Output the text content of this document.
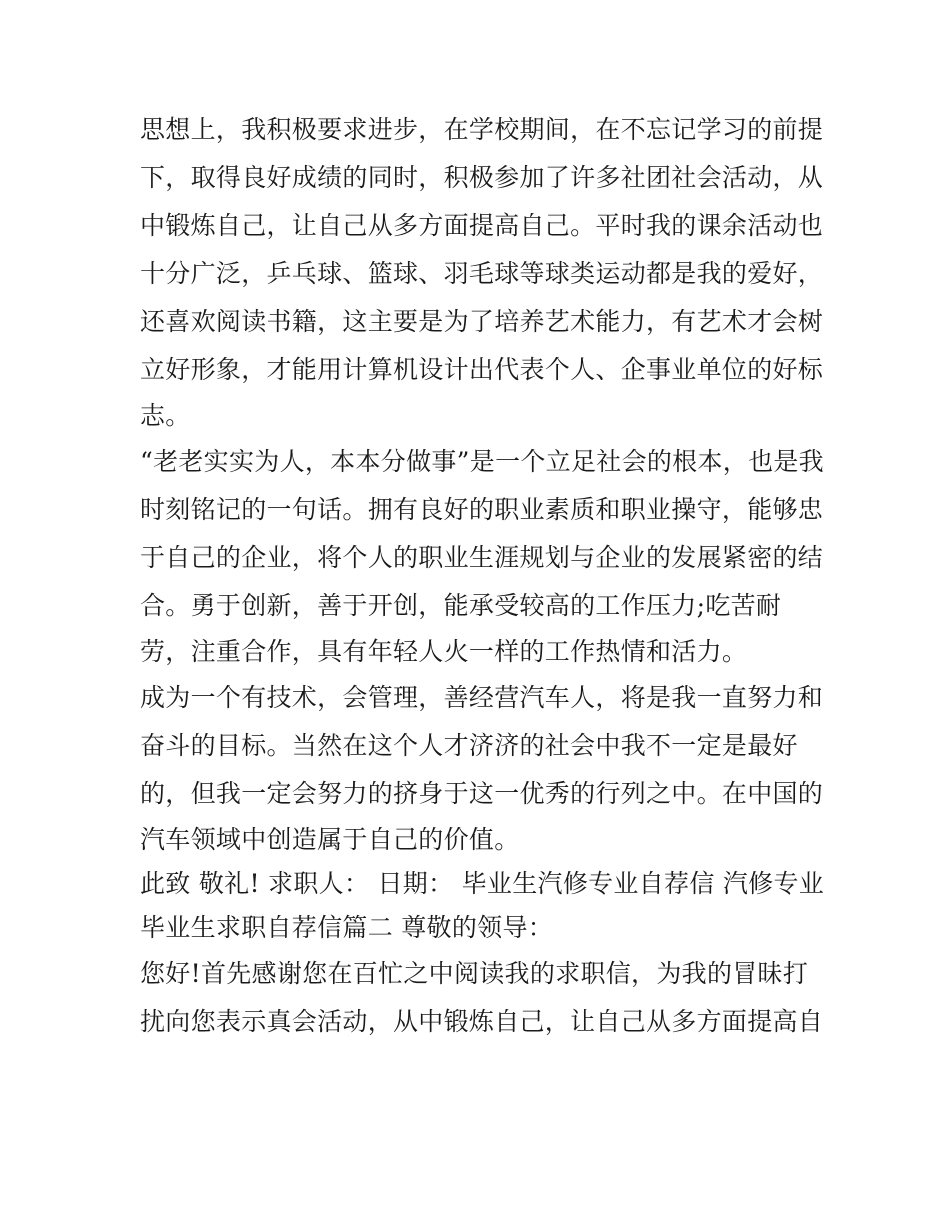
思想上，我积极要求进步，在学校期间，在不忘记学习的前提
下，取得良好成绩的同时，积极参加了许多社团社会活动，从
中锻炼自己，让自己从多方面提高自己。平时我的课余活动也
十分广泛，乒乓球、篮球、羽毛球等球类运动都是我的爱好，
还喜欢阅读书籍，这主要是为了培养艺术能力，有艺术才会树
立好形象，才能用计算机设计出代表个人、企事业单位的好标
志。
“老老实实为人，本本分做事”是一个立足社会的根本，也是我
时刻铭记的一句话。拥有良好的职业素质和职业操守，能够忠
于自己的企业，将个人的职业生涯规划与企业的发展紧密的结
合。勇于创新，善于开创，能承受较高的工作压力;吃苦耐
劳，注重合作，具有年轻人火一样的工作热情和活力。
成为一个有技术，会管理，善经营汽车人，将是我一直努力和
奋斗的目标。当然在这个人才济济的社会中我不一定是最好
的，但我一定会努力的挤身于这一优秀的行列之中。在中国的
汽车领域中创造属于自己的价值。
此致 敬礼! 求职人： 日期： 毕业生汽修专业自荐信 汽修专业
毕业生求职自荐信篇二 尊敬的领导：
您好!首先感谢您在百忙之中阅读我的求职信，为我的冒昧打
扰向您表示真会活动，从中锻炼自己，让自己从多方面提高自
